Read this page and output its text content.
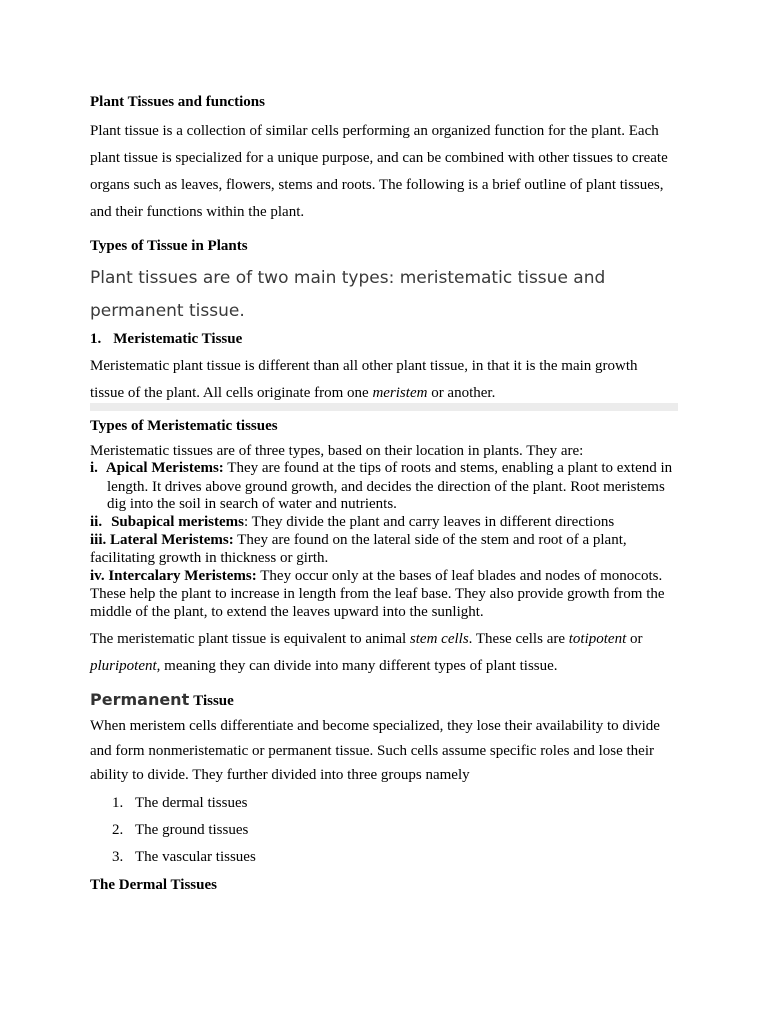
Plant Tissues and functions
Plant tissue is a collection of similar cells performing an organized function for the plant. Each
plant tissue is specialized for a unique purpose, and can be combined with other tissues to create
organs such as leaves, flowers, stems and roots. The following is a brief outline of plant tissues,
and their functions within the plant.
Types of Tissue in Plants
Plant tissues are of two main types: meristematic tissue and
permanent tissue.
1. Meristematic Tissue
Meristematic plant tissue is different than all other plant tissue, in that it is the main growth
tissue of the plant. All cells originate from one meristem or another.
Types of Meristematic tissues
Meristematic tissues are of three types, based on their location in plants. They are:
i. Apical Meristems: They are found at the tips of roots and stems, enabling a plant to extend in
length. It drives above ground growth, and decides the direction of the plant. Root meristems
dig into the soil in search of water and nutrients.
ii. Subapical meristems: They divide the plant and carry leaves in different directions
iii. Lateral Meristems: They are found on the lateral side of the stem and root of a plant,
facilitating growth in thickness or girth.
iv. Intercalary Meristems: They occur only at the bases of leaf blades and nodes of monocots.
These help the plant to increase in length from the leaf base. They also provide growth from the
middle of the plant, to extend the leaves upward into the sunlight.
The meristematic plant tissue is equivalent to animal stem cells. These cells are totipotent or
pluripotent, meaning they can divide into many different types of plant tissue.
Permanent Tissue
When meristem cells differentiate and become specialized, they lose their availability to divide
and form nonmeristematic or permanent tissue. Such cells assume specific roles and lose their
ability to divide. They further divided into three groups namely
1. The dermal tissues
2. The ground tissues
3. The vascular tissues
The Dermal Tissues
